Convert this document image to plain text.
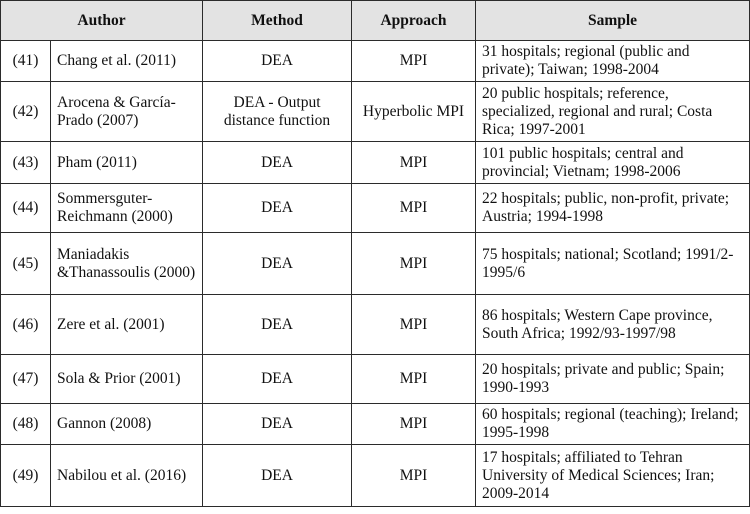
Author		Method	Approach	Sample
(41)	Chang et al. (2011)	DEA	MPI	31 hospitals; regional (public and private); Taiwan; 1998-2004
(42)	Arocena & García-Prado (2007)	DEA - Output distance function	Hyperbolic MPI	20 public hospitals; reference, specialized, regional and rural; Costa Rica; 1997-2001
(43)	Pham (2011)	DEA	MPI	101 public hospitals; central and provincial; Vietnam; 1998-2006
(44)	Sommersguter-Reichmann (2000)	DEA	MPI	22 hospitals; public, non-profit, private; Austria; 1994-1998
(45)	Maniadakis &Thanassoulis (2000)	DEA	MPI	75 hospitals; national; Scotland; 1991/2-1995/6
(46)	Zere et al. (2001)	DEA	MPI	86 hospitals; Western Cape province, South Africa; 1992/93-1997/98
(47)	Sola & Prior (2001)	DEA	MPI	20 hospitals; private and public; Spain; 1990-1993
(48)	Gannon (2008)	DEA	MPI	60 hospitals; regional (teaching); Ireland; 1995-1998
(49)	Nabilou et al. (2016)	DEA	MPI	17 hospitals; affiliated to Tehran University of Medical Sciences; Iran; 2009-2014
